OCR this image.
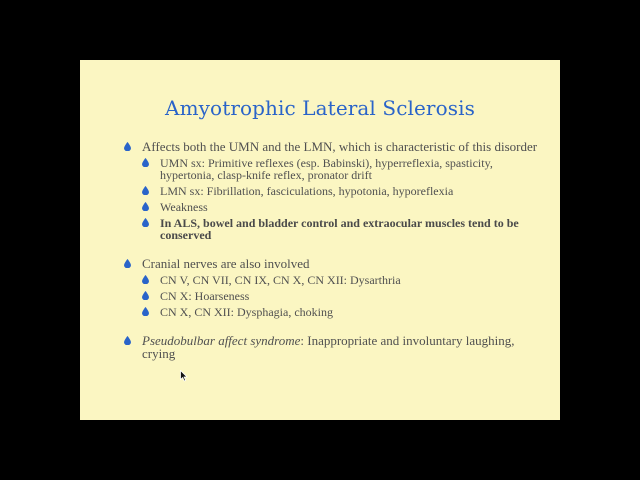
Amyotrophic Lateral Sclerosis
Affects both the UMN and the LMN, which is characteristic of this disorder
UMN sx: Primitive reflexes (esp. Babinski), hyperreflexia, spasticity, hypertonia, clasp-knife reflex, pronator drift
LMN sx: Fibrillation, fasciculations, hypotonia, hyporeflexia
Weakness
In ALS, bowel and bladder control and extraocular muscles tend to be conserved
Cranial nerves are also involved
CN V, CN VII, CN IX, CN X, CN XII: Dysarthria
CN X: Hoarseness
CN X, CN XII: Dysphagia, choking
Pseudobulbar affect syndrome: Inappropriate and involuntary laughing, crying
